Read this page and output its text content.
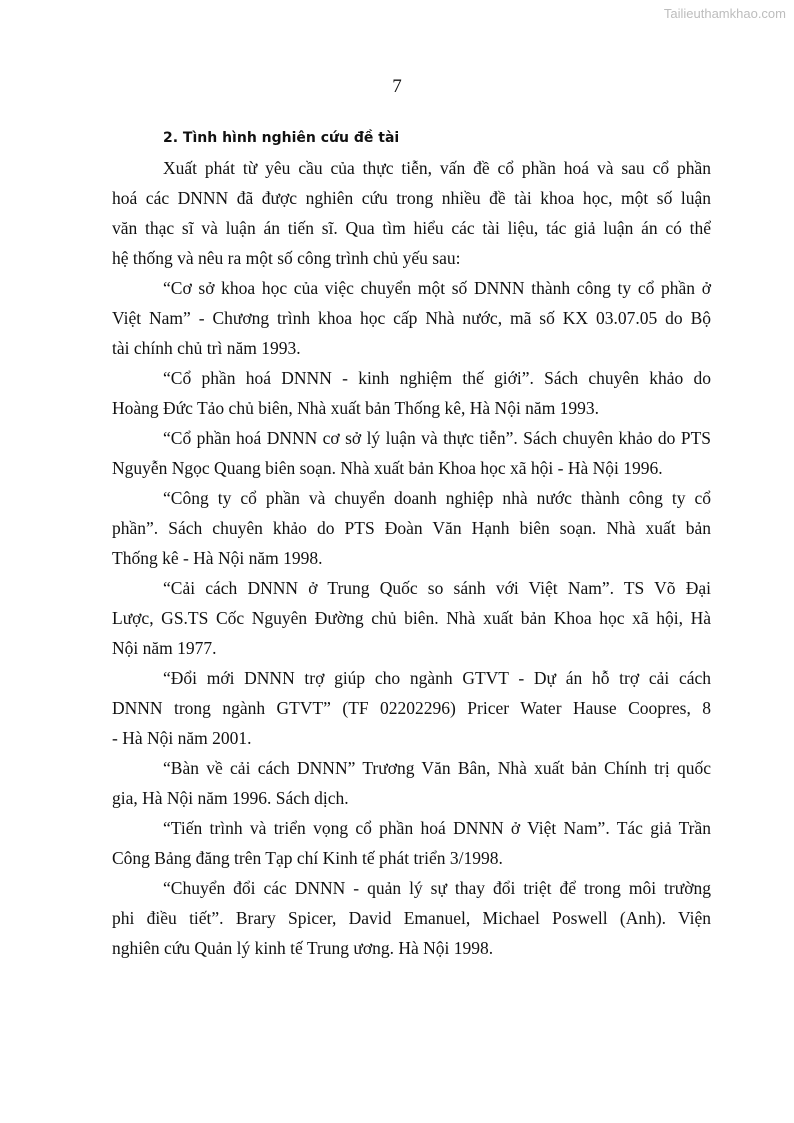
Tailieuthamkhao.com
7
2. Tình hình nghiên cứu đề tài
Xuất phát từ yêu cầu của thực tiễn, vấn đề cổ phần hoá và sau cổ phần
hoá các DNNN đã được nghiên cứu trong nhiều đề tài khoa học, một số luận
văn thạc sĩ và luận án tiến sĩ. Qua tìm hiểu các tài liệu, tác giả luận án có thể
hệ thống và nêu ra một số công trình chủ yếu sau:
“Cơ sở khoa học của việc chuyển một số DNNN thành công ty cổ phần ở
Việt Nam” - Chương trình khoa học cấp Nhà nước, mã số KX 03.07.05 do Bộ
tài chính chủ trì năm 1993.
“Cổ phần hoá DNNN - kinh nghiệm thế giới”. Sách chuyên khảo do
Hoàng Đức Tảo chủ biên, Nhà xuất bản Thống kê, Hà Nội năm 1993.
“Cổ phần hoá DNNN cơ sở lý luận và thực tiễn”. Sách chuyên khảo do PTS
Nguyễn Ngọc Quang biên soạn. Nhà xuất bản Khoa học xã hội - Hà Nội 1996.
“Công ty cổ phần và chuyển doanh nghiệp nhà nước thành công ty cổ
phần”. Sách chuyên khảo do PTS Đoàn Văn Hạnh biên soạn. Nhà xuất bản
Thống kê - Hà Nội năm 1998.
“Cải cách DNNN ở Trung Quốc so sánh với Việt Nam”. TS Võ Đại
Lược, GS.TS Cốc Nguyên Đường chủ biên. Nhà xuất bản Khoa học xã hội, Hà
Nội năm 1977.
“Đổi mới DNNN trợ giúp cho ngành GTVT - Dự án hỗ trợ cải cách
DNNN trong ngành GTVT” (TF 02202296) Pricer Water Hause Coopres, 8
- Hà Nội năm 2001.
“Bàn về cải cách DNNN” Trương Văn Bân, Nhà xuất bản Chính trị quốc
gia, Hà Nội năm 1996. Sách dịch.
“Tiến trình và triển vọng cổ phần hoá DNNN ở Việt Nam”. Tác giả Trần
Công Bảng đăng trên Tạp chí Kinh tế phát triển 3/1998.
“Chuyển đổi các DNNN - quản lý sự thay đổi triệt để trong môi trường
phi điều tiết”. Brary Spicer, David Emanuel, Michael Poswell (Anh). Viện
nghiên cứu Quản lý kinh tế Trung ương. Hà Nội 1998.
